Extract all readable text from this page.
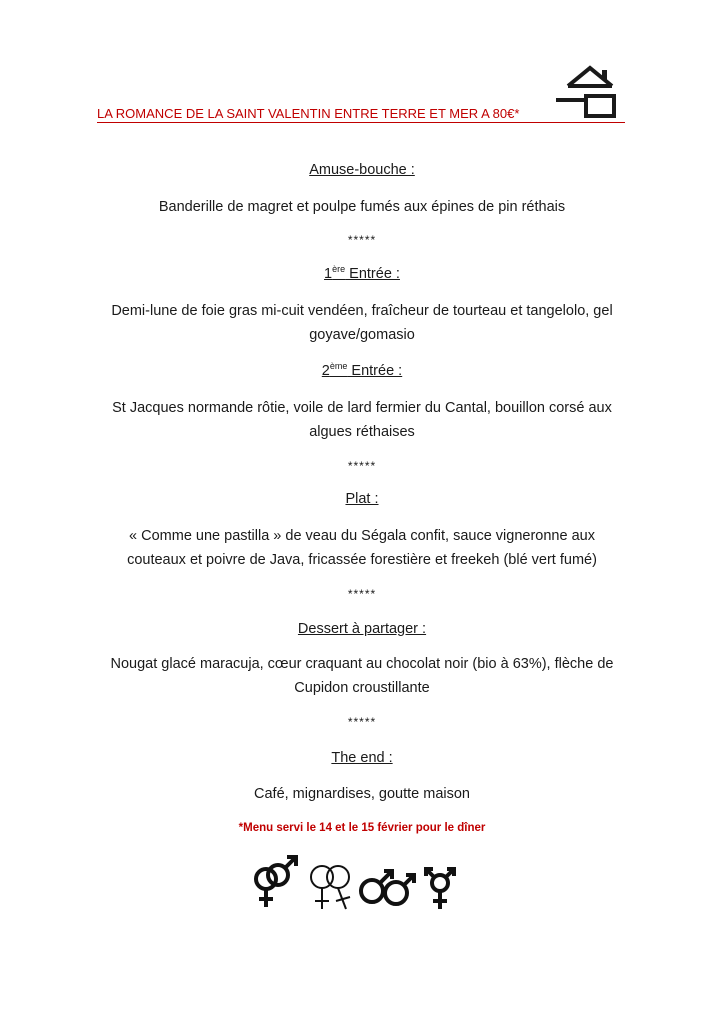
LA ROMANCE DE LA SAINT VALENTIN ENTRE TERRE ET MER A 80€*
Amuse-bouche :
Banderille de magret et poulpe fumés aux épines de pin réthais
*****
1ère Entrée :
Demi-lune de foie gras mi-cuit vendéen, fraîcheur de tourteau et tangelolo, gel
goyave/gomasio
2ème Entrée :
St Jacques normande rôtie, voile de lard fermier du Cantal, bouillon corsé aux
algues réthaises
*****
Plat :
« Comme une pastilla » de veau du Ségala confit, sauce vigneronne aux
couteaux et poivre de Java, fricassée forestière et freekeh (blé vert fumé)
*****
Dessert à partager :
Nougat glacé maracuja, cœur craquant au chocolat noir (bio à 63%), flèche de
Cupidon croustillante
*****
The end :
Café, mignardises, goutte maison
*Menu servi le 14 et le 15 février pour le dîner
